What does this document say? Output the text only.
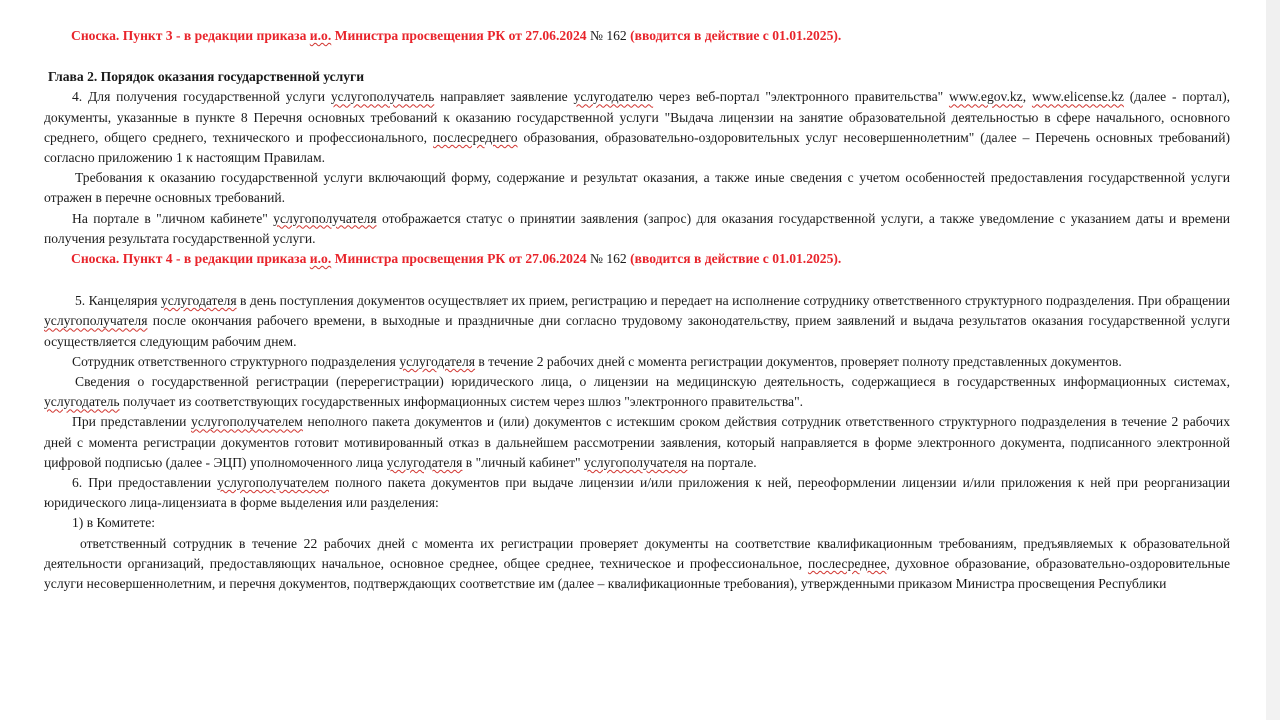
Сноска. Пункт 3 - в редакции приказа и.о. Министра просвещения РК от 27.06.2024 № 162 (вводится в действие с 01.01.2025).

Глава 2. Порядок оказания государственной услуги

4. Для получения государственной услуги услугополучатель направляет заявление услугодателю через веб-портал "электронного правительства" www.egov.kz, www.elicense.kz (далее - портал), документы, указанные в пункте 8 Перечня основных требований к оказанию государственной услуги "Выдача лицензии на занятие образовательной деятельностью в сфере начального, основного среднего, общего среднего, технического и профессионального, послесреднего образования, образовательно-оздоровительных услуг несовершеннолетним" (далее – Перечень основных требований) согласно приложению 1 к настоящим Правилам.

Требования к оказанию государственной услуги включающий форму, содержание и результат оказания, а также иные сведения с учетом особенностей предоставления государственной услуги отражен в перечне основных требований.

На портале в "личном кабинете" услугополучателя отображается статус о принятии заявления (запрос) для оказания государственной услуги, а также уведомление с указанием даты и времени получения результата государственной услуги.

Сноска. Пункт 4 - в редакции приказа и.о. Министра просвещения РК от 27.06.2024 № 162 (вводится в действие с 01.01.2025).

5. Канцелярия услугодателя в день поступления документов осуществляет их прием, регистрацию и передает на исполнение сотруднику ответственного структурного подразделения. При обращении услугополучателя после окончания рабочего времени, в выходные и праздничные дни согласно трудовому законодательству, прием заявлений и выдача результатов оказания государственной услуги осуществляется следующим рабочим днем.

Сотрудник ответственного структурного подразделения услугодателя в течение 2 рабочих дней с момента регистрации документов, проверяет полноту представленных документов.

Сведения о государственной регистрации (перерегистрации) юридического лица, о лицензии на медицинскую деятельность, содержащиеся в государственных информационных системах, услугодатель получает из соответствующих государственных информационных систем через шлюз "электронного правительства".

При представлении услугополучателем неполного пакета документов и (или) документов с истекшим сроком действия сотрудник ответственного структурного подразделения в течение 2 рабочих дней с момента регистрации документов готовит мотивированный отказ в дальнейшем рассмотрении заявления, который направляется в форме электронного документа, подписанного электронной цифровой подписью (далее - ЭЦП) уполномоченного лица услугодателя в "личный кабинет" услугополучателя на портале.

6. При предоставлении услугополучателем полного пакета документов при выдаче лицензии и/или приложения к ней, переоформлении лицензии и/или приложения к ней при реорганизации юридического лица-лицензиата в форме выделения или разделения:

1) в Комитете:

ответственный сотрудник в течение 22 рабочих дней с момента их регистрации проверяет документы на соответствие квалификационным требованиям, предъявляемых к образовательной деятельности организаций, предоставляющих начальное, основное среднее, общее среднее, техническое и профессиональное, послесреднее, духовное образование, образовательно-оздоровительные услуги несовершеннолетним, и перечня документов, подтверждающих соответствие им (далее – квалификационные требования), утвержденными приказом Министра просвещения Республики
